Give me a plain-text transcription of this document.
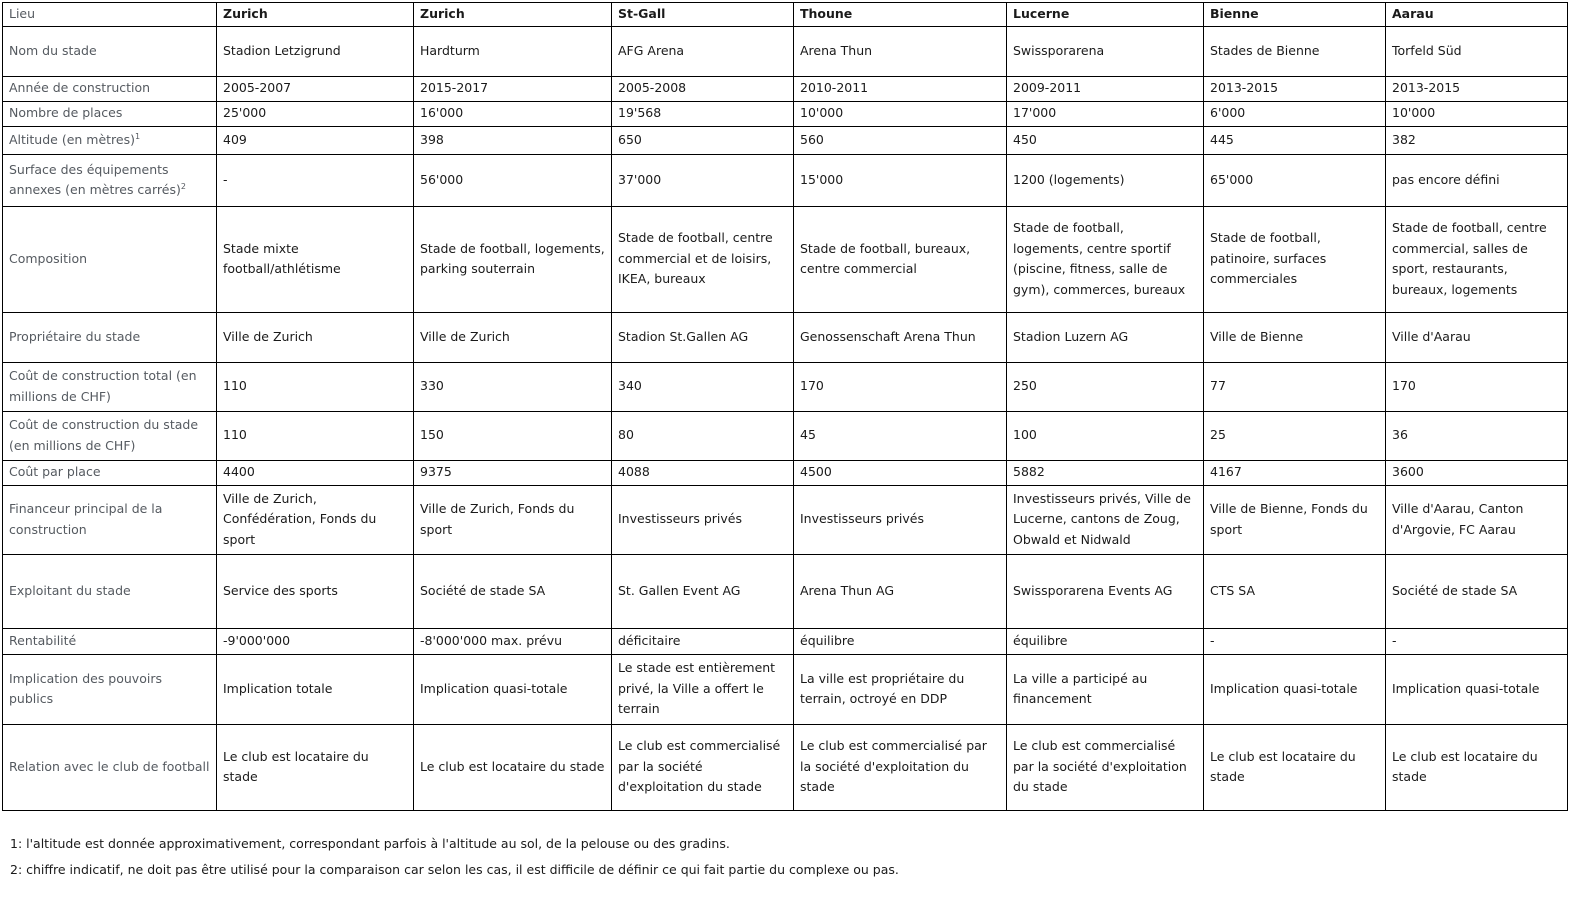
Lieu	Zurich	Zurich	St-Gall	Thoune	Lucerne	Bienne	Aarau
Nom du stade	Stadion Letzigrund	Hardturm	AFG Arena	Arena Thun	Swissporarena	Stades de Bienne	Torfeld Süd
Année de construction	2005-2007	2015-2017	2005-2008	2010-2011	2009-2011	2013-2015	2013-2015
Nombre de places	25'000	16'000	19'568	10'000	17'000	6'000	10'000
Altitude (en mètres)$^1$	409	398	650	560	450	445	382
Surface des équipements annexes (en mètres carrés)$^2$	-	56'000	37'000	15'000	1200 (logements)	65'000	pas encore défini
Composition	Stade mixte football/athlétisme	Stade de football, logements, parking souterrain	Stade de football, centre commercial et de loisirs, IKEA, bureaux	Stade de football, bureaux, centre commercial	Stade de football, logements, centre sportif (piscine, fitness, salle de gym), commerces, bureaux	Stade de football, patinoire, surfaces commerciales	Stade de football, centre commercial, salles de sport, restaurants, bureaux, logements
Propriétaire du stade	Ville de Zurich	Ville de Zurich	Stadion St.Gallen AG	Genossenschaft Arena Thun	Stadion Luzern AG	Ville de Bienne	Ville d'Aarau
Coût de construction total (en millions de CHF)	110	330	340	170	250	77	170
Coût de construction du stade (en millions de CHF)	110	150	80	45	100	25	36
Coût par place	4400	9375	4088	4500	5882	4167	3600
Financeur principal de la construction	Ville de Zurich, Confédération, Fonds du sport	Ville de Zurich, Fonds du sport	Investisseurs privés	Investisseurs privés	Investisseurs privés, Ville de Lucerne, cantons de Zoug, Obwald et Nidwald	Ville de Bienne, Fonds du sport	Ville d'Aarau, Canton d'Argovie, FC Aarau
Exploitant du stade	Service des sports	Société de stade SA	St. Gallen Event AG	Arena Thun AG	Swissporarena Events AG	CTS SA	Société de stade SA
Rentabilité	-9'000'000	-8'000'000 max. prévu	déficitaire	équilibre	équilibre	-	-
Implication des pouvoirs publics	Implication totale	Implication quasi-totale	Le stade est entièrement privé, la Ville a offert le terrain	La ville est propriétaire du terrain, octroyé en DDP	La ville a participé au financement	Implication quasi-totale	Implication quasi-totale
Relation avec le club de football	Le club est locataire du stade	Le club est locataire du stade	Le club est commercialisé par la société d'exploitation du stade	Le club est commercialisé par la société d'exploitation du stade	Le club est commercialisé par la société d'exploitation du stade	Le club est locataire du stade	Le club est locataire du stade

1: l'altitude est donnée approximativement, correspondant parfois à l'altitude au sol, de la pelouse ou des gradins.

2: chiffre indicatif, ne doit pas être utilisé pour la comparaison car selon les cas, il est difficile de définir ce qui fait partie du complexe ou pas.
